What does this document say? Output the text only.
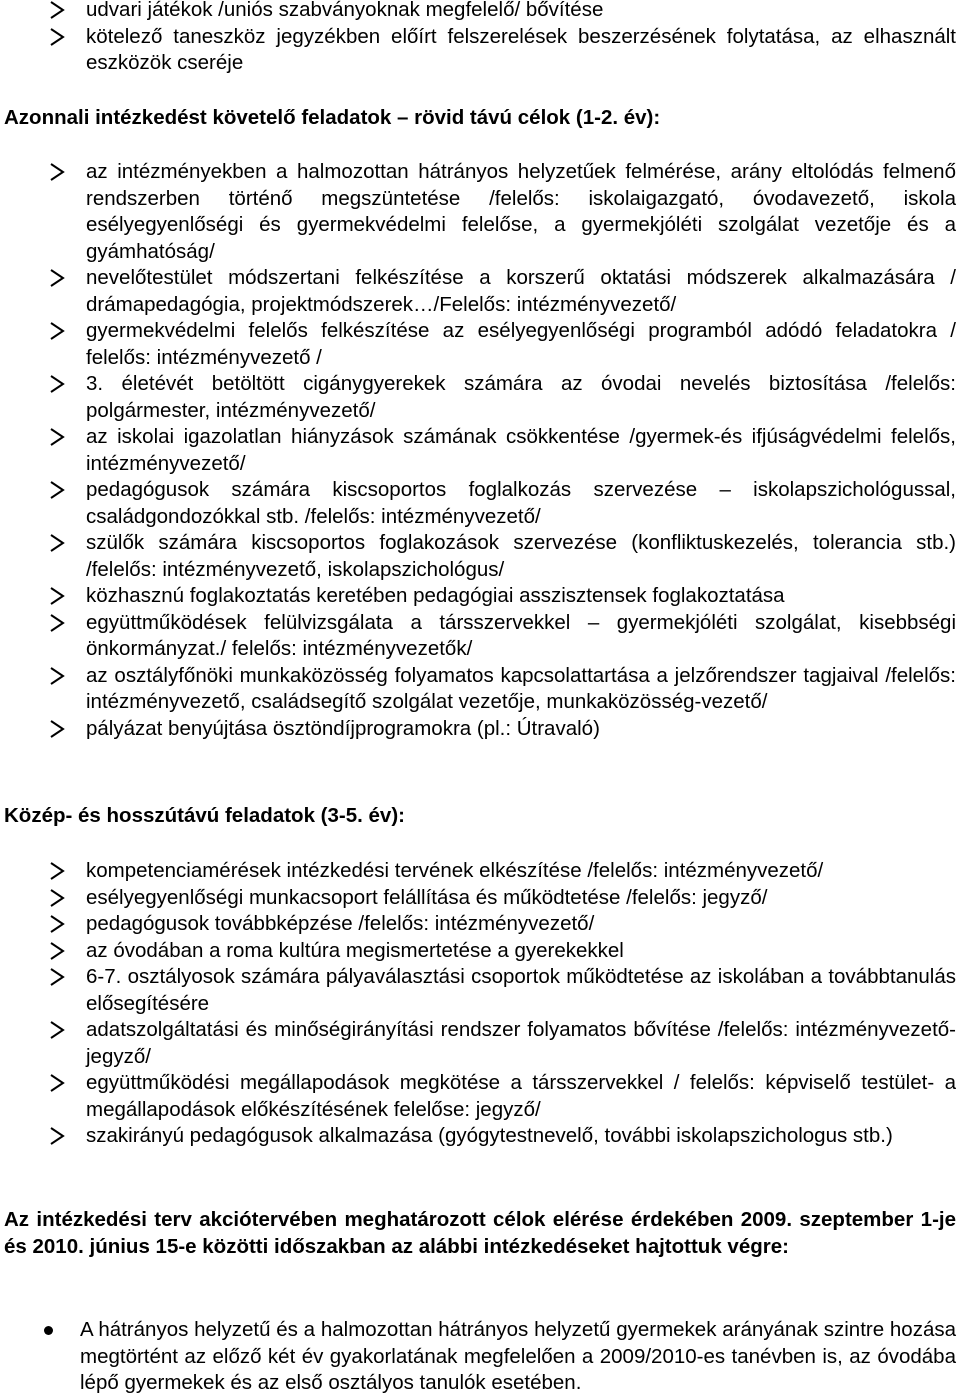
udvari játékok /uniós szabványoknak megfelelő/ bővítése
kötelező taneszköz jegyzékben előírt felszerelések beszerzésének folytatása, az elhasznált eszközök cseréje

Azonnali intézkedést követelő feladatok – rövid távú célok (1-2. év):

az intézményekben a halmozottan hátrányos helyzetűek felmérése, arány eltolódás felmenő rendszerben történő megszüntetése /felelős: iskolaigazgató, óvodavezető, iskola esélyegyenlőségi és gyermekvédelmi felelőse, a gyermekjóléti szolgálat vezetője és a gyámhatóság/
nevelőtestület módszertani felkészítése a korszerű oktatási módszerek alkalmazására / drámapedagógia, projektmódszerek…/Felelős: intézményvezető/
gyermekvédelmi felelős felkészítése az esélyegyenlőségi programból adódó feladatokra / felelős: intézményvezető /
3. életévét betöltött cigánygyerekek számára az óvodai nevelés biztosítása /felelős: polgármester, intézményvezető/
az iskolai igazolatlan hiányzások számának csökkentése /gyermek-és ifjúságvédelmi felelős, intézményvezető/
pedagógusok számára kiscsoportos foglalkozás szervezése – iskolapszichológussal, családgondozókkal stb. /felelős: intézményvezető/
szülők számára kiscsoportos foglakozások szervezése (konfliktuskezelés, tolerancia stb.) /felelős: intézményvezető, iskolapszichológus/
közhasznú foglakoztatás keretében pedagógiai asszisztensek foglakoztatása
együttműködések felülvizsgálata a társszervekkel – gyermekjóléti szolgálat, kisebbségi önkormányzat./ felelős: intézményvezetők/
az osztályfőnöki munkaközösség folyamatos kapcsolattartása a jelzőrendszer tagjaival /felelős: intézményvezető, családsegítő szolgálat vezetője, munkaközösség-vezető/
pályázat benyújtása ösztöndíjprogramokra (pl.: Útravaló)

Közép- és hosszútávú feladatok (3-5. év):

kompetenciamérések intézkedési tervének elkészítése /felelős: intézményvezető/
esélyegyenlőségi munkacsoport felállítása és működtetése /felelős: jegyző/
pedagógusok továbbképzése /felelős: intézményvezető/
az óvodában a roma kultúra megismertetése a gyerekekkel
6-7. osztályosok számára pályaválasztási csoportok működtetése az iskolában a továbbtanulás elősegítésére
adatszolgáltatási és minőségirányítási rendszer folyamatos bővítése /felelős: intézményvezető-jegyző/
együttműködési megállapodások megkötése a társszervekkel / felelős: képviselő testület- a megállapodások előkészítésének felelőse: jegyző/
szakirányú pedagógusok alkalmazása (gyógytestnevelő, további iskolapszichologus stb.)

Az intézkedési terv akciótervében meghatározott célok elérése érdekében 2009. szeptember 1-je és 2010. június 15-e közötti időszakban az alábbi intézkedéseket hajtottuk végre:

A hátrányos helyzetű és a halmozottan hátrányos helyzetű gyermekek arányának szintre hozása megtörtént az előző két év gyakorlatának megfelelően a 2009/2010-es tanévben is, az óvodába lépő gyermekek és az első osztályos tanulók esetében.
